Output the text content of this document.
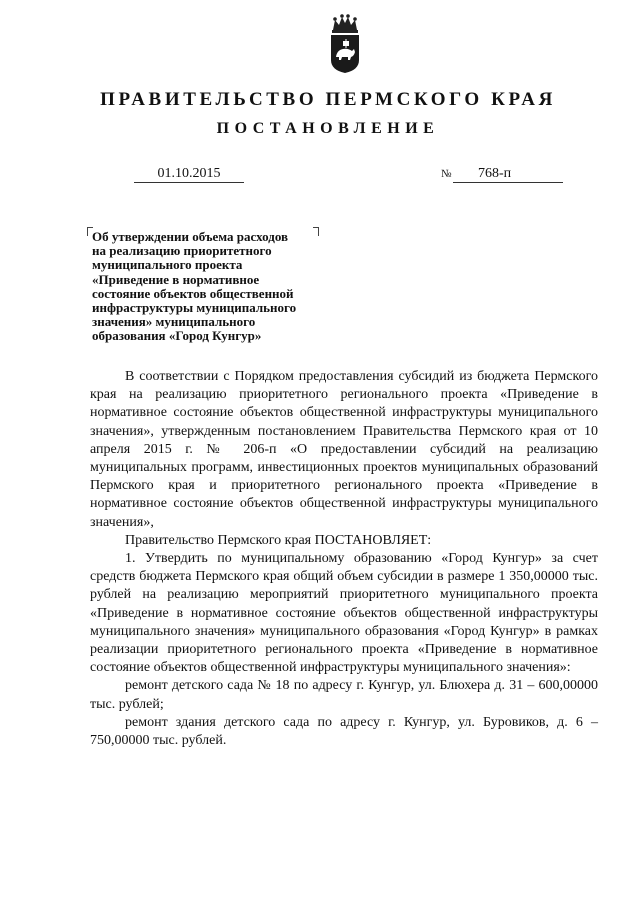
ПРАВИТЕЛЬСТВО ПЕРМСКОГО КРАЯ
ПОСТАНОВЛЕНИЕ
01.10.2015	№	768-п
Об утверждении объема расходов
на реализацию приоритетного
муниципального проекта
«Приведение в нормативное
состояние объектов общественной
инфраструктуры муниципального
значения» муниципального
образования «Город Кунгур»

В соответствии с Порядком предоставления субсидий из бюджета Пермского края на реализацию приоритетного регионального проекта «Приведение в нормативное состояние объектов общественной инфраструктуры муниципального значения», утвержденным постановлением Правительства Пермского края от 10 апреля 2015 г. № 206-п «О предоставлении субсидий на реализацию муниципальных программ, инвестиционных проектов муниципальных образований Пермского края и приоритетного регионального проекта «Приведение в нормативное состояние объектов общественной инфраструктуры муниципального значения»,

Правительство Пермского края ПОСТАНОВЛЯЕТ:

1. Утвердить по муниципальному образованию «Город Кунгур» за счет средств бюджета Пермского края общий объем субсидии в размере 1 350,00000 тыс. рублей на реализацию мероприятий приоритетного муниципального проекта «Приведение в нормативное состояние объектов общественной инфраструктуры муниципального значения» муниципального образования «Город Кунгур» в рамках реализации приоритетного регионального проекта «Приведение в нормативное состояние объектов общественной инфраструктуры муниципального значения»:

ремонт детского сада № 18 по адресу г. Кунгур, ул. Блюхера д. 31 – 600,00000 тыс. рублей;

ремонт здания детского сада по адресу г. Кунгур, ул. Буровиков, д. 6 – 750,00000 тыс. рублей.
